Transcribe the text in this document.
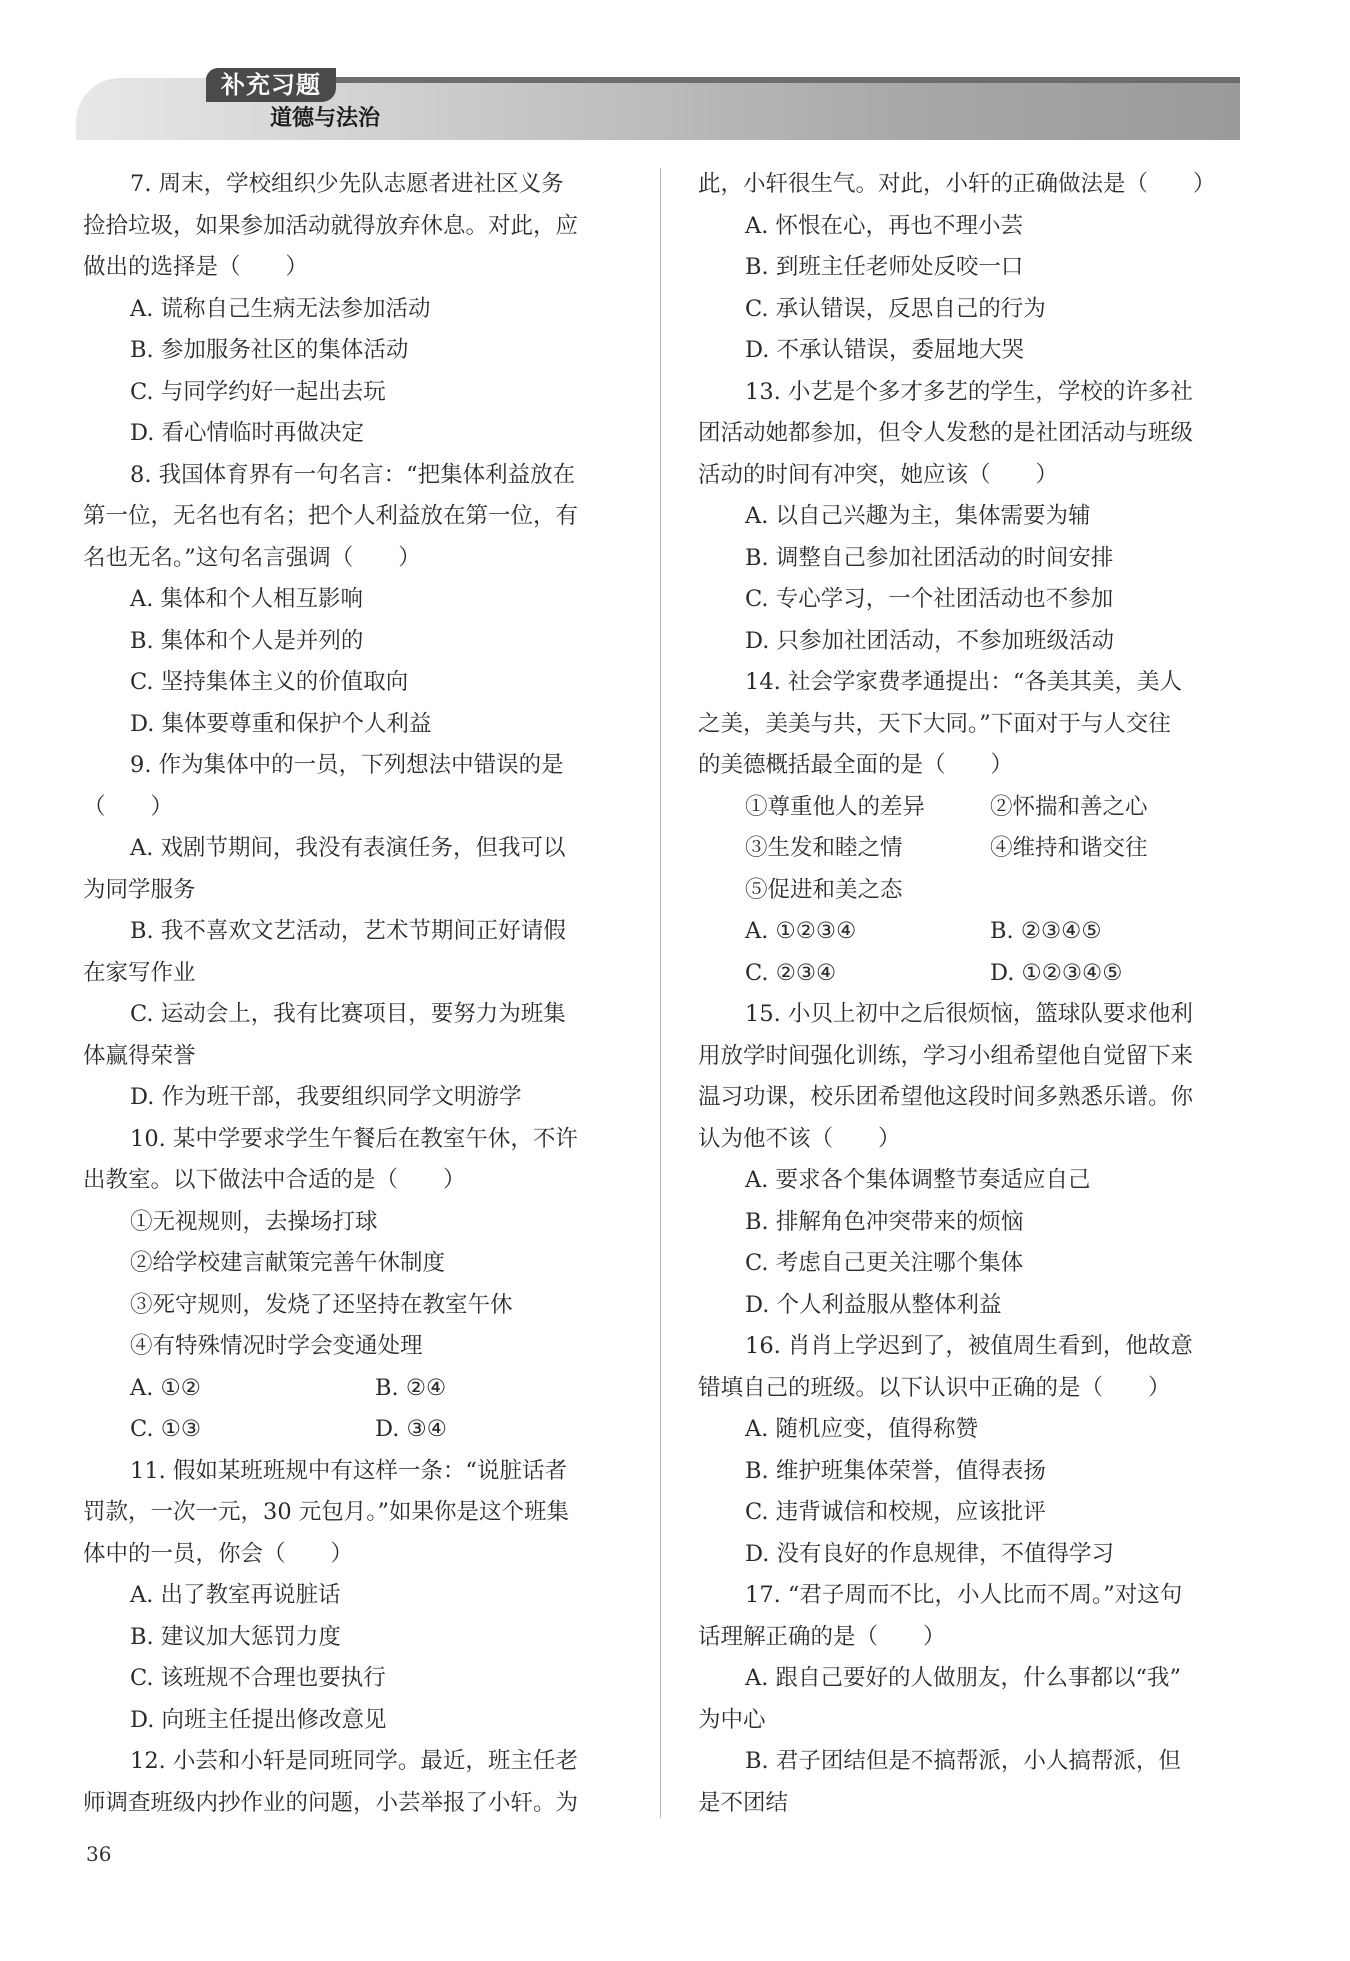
补充习题
道德与法治
7. 周末，学校组织少先队志愿者进社区义务
捡拾垃圾，如果参加活动就得放弃休息。对此，应
做出的选择是（　　）
A. 谎称自己生病无法参加活动
B. 参加服务社区的集体活动
C. 与同学约好一起出去玩
D. 看心情临时再做决定
8. 我国体育界有一句名言：“把集体利益放在
第一位，无名也有名；把个人利益放在第一位，有
名也无名。”这句名言强调（　　）
A. 集体和个人相互影响
B. 集体和个人是并列的
C. 坚持集体主义的价值取向
D. 集体要尊重和保护个人利益
9. 作为集体中的一员，下列想法中错误的是
（　　）
A. 戏剧节期间，我没有表演任务，但我可以
为同学服务
B. 我不喜欢文艺活动，艺术节期间正好请假
在家写作业
C. 运动会上，我有比赛项目，要努力为班集
体赢得荣誉
D. 作为班干部，我要组织同学文明游学
10. 某中学要求学生午餐后在教室午休，不许
出教室。以下做法中合适的是（　　）
①无视规则，去操场打球
②给学校建言献策完善午休制度
③死守规则，发烧了还坚持在教室午休
④有特殊情况时学会变通处理
A. ①②	B. ②④
C. ①③	D. ③④
11. 假如某班班规中有这样一条：“说脏话者
罚款，一次一元，30 元包月。”如果你是这个班集
体中的一员，你会（　　）
A. 出了教室再说脏话
B. 建议加大惩罚力度
C. 该班规不合理也要执行
D. 向班主任提出修改意见
12. 小芸和小轩是同班同学。最近，班主任老
师调查班级内抄作业的问题，小芸举报了小轩。为
此，小轩很生气。对此，小轩的正确做法是（　　）
A. 怀恨在心，再也不理小芸
B. 到班主任老师处反咬一口
C. 承认错误，反思自己的行为
D. 不承认错误，委屈地大哭
13. 小艺是个多才多艺的学生，学校的许多社
团活动她都参加，但令人发愁的是社团活动与班级
活动的时间有冲突，她应该（　　）
A. 以自己兴趣为主，集体需要为辅
B. 调整自己参加社团活动的时间安排
C. 专心学习，一个社团活动也不参加
D. 只参加社团活动，不参加班级活动
14. 社会学家费孝通提出：“各美其美，美人
之美，美美与共，天下大同。”下面对于与人交往
的美德概括最全面的是（　　）
①尊重他人的差异	②怀揣和善之心
③生发和睦之情	④维持和谐交往
⑤促进和美之态
A. ①②③④	B. ②③④⑤
C. ②③④	D. ①②③④⑤
15. 小贝上初中之后很烦恼，篮球队要求他利
用放学时间强化训练，学习小组希望他自觉留下来
温习功课，校乐团希望他这段时间多熟悉乐谱。你
认为他不该（　　）
A. 要求各个集体调整节奏适应自己
B. 排解角色冲突带来的烦恼
C. 考虑自己更关注哪个集体
D. 个人利益服从整体利益
16. 肖肖上学迟到了，被值周生看到，他故意
错填自己的班级。以下认识中正确的是（　　）
A. 随机应变，值得称赞
B. 维护班集体荣誉，值得表扬
C. 违背诚信和校规，应该批评
D. 没有良好的作息规律，不值得学习
17. “君子周而不比，小人比而不周。”对这句
话理解正确的是（　　）
A. 跟自己要好的人做朋友，什么事都以“我”
为中心
B. 君子团结但是不搞帮派，小人搞帮派，但
是不团结
36
